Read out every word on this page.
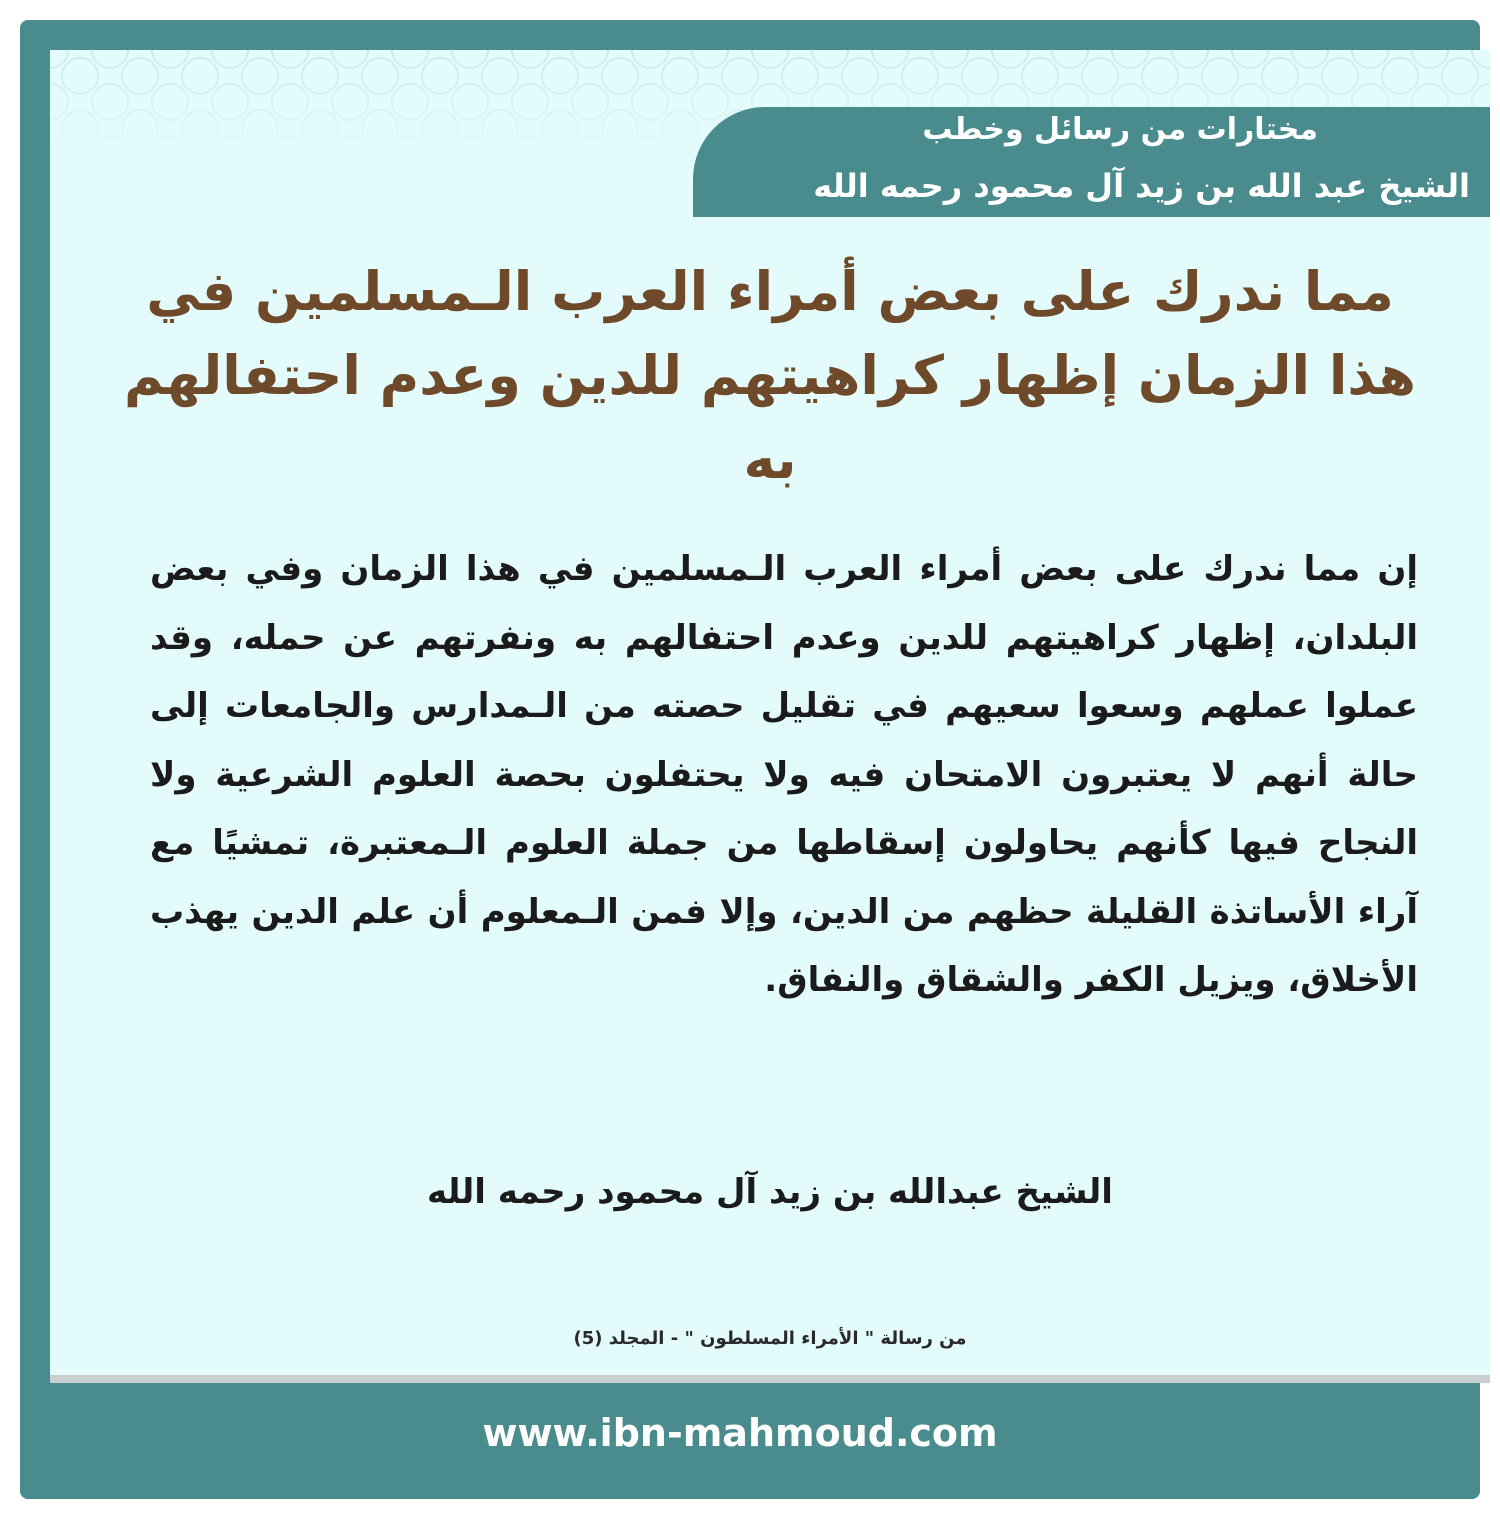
مختارات من رسائل وخطب
الشيخ عبد الله بن زيد آل محمود رحمه الله
مما ندرك على بعض أمراء العرب الـمسلمين في هذا الزمان إظهار كراهيتهم للدين وعدم احتفالهم به
إن مما ندرك على بعض أمراء العرب الـمسلمين في هذا الزمان وفي بعض البلدان، إظهار كراهيتهم للدين وعدم احتفالهم به ونفرتهم عن حمله، وقد عملوا عملهم وسعوا سعيهم في تقليل حصته من الـمدارس والجامعات إلى حالة أنهم لا يعتبرون الامتحان فيه ولا يحتفلون بحصة العلوم الشرعية ولا النجاح فيها كأنهم يحاولون إسقاطها من جملة العلوم الـمعتبرة، تمشيًا مع آراء الأساتذة القليلة حظهم من الدين، وإلا فمن الـمعلوم أن علم الدين يهذب الأخلاق، ويزيل الكفر والشقاق والنفاق.
الشيخ عبدالله بن زيد آل محمود رحمه الله
من رسالة " الأمراء المسلطون " - المجلد (5)
www.ibn-mahmoud.com
